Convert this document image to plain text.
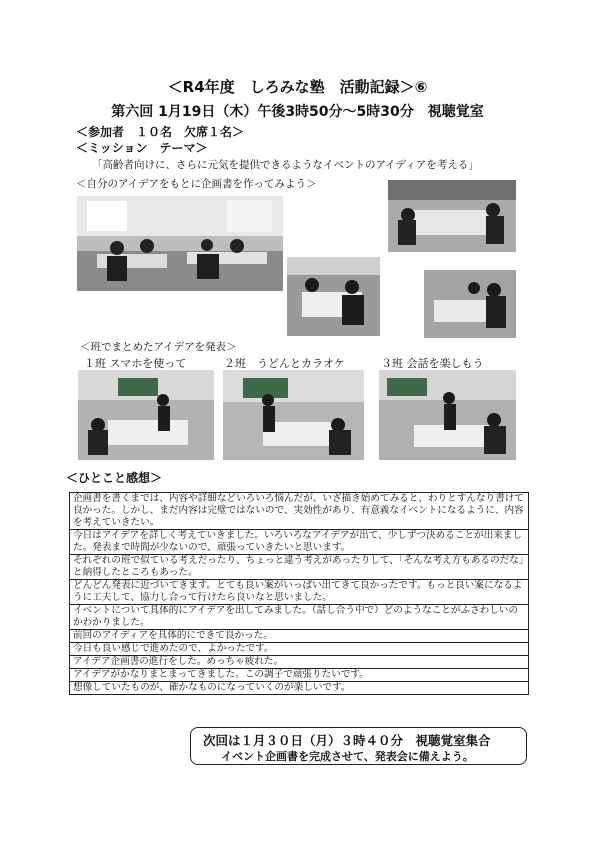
＜R4年度　しろみな塾　活動記録＞⑥
第六回 1月19日（木）午後3時50分～5時30分　視聴覚室
＜参加者　１０名　欠席１名＞
＜ミッション　テーマ＞
「高齢者向けに、さらに元気を提供できるようなイベントのアイディアを考える」
＜自分のアイデアをもとに企画書を作ってみよう＞
＜班でまとめたアイデアを発表＞
１班 スマホを使って	２班　うどんとカラオケ	３班 会話を楽しもう
＜ひとこと感想＞
企画書を書くまでは、内容や詳細などいろいろ悩んだが、いざ描き始めてみると、わりとすんなり書けて良かった。しかし、まだ内容は完璧ではないので、実効性があり、有意義なイベントになるように、内容を考えていきたい。
今日はアイデアを詳しく考えていきました。いろいろなアイデアが出て、少しずつ決めることが出来ました。発表まで時間が少ないので、頑張っていきたいと思います。
それぞれの班で似ている考えだったり、ちょっと違う考えがあったりして、「そんな考え方もあるのだな」と納得したところもあった。
どんどん発表に近づいてきます。とても良い案がいっぱい出てきて良かったです。もっと良い案になるように工夫して、協力し合って行けたら良いなと思いました。
イベントについて具体的にアイデアを出してみました。（話し合う中で）どのようなことがふさわしいのかわかりました。
前回のアイディアを具体的にできて良かった。
今日も良い感じで進めたので、よかったです。
アイデア企画書の進行をした。めっちゃ疲れた。
アイデアがかなりまとまってきました。この調子で頑張りたいです。
想像していたものが、確かなものになっていくのが楽しいです。
次回は１月３０日（月）３時４０分　視聴覚室集合
イベント企画書を完成させて、発表会に備えよう。
